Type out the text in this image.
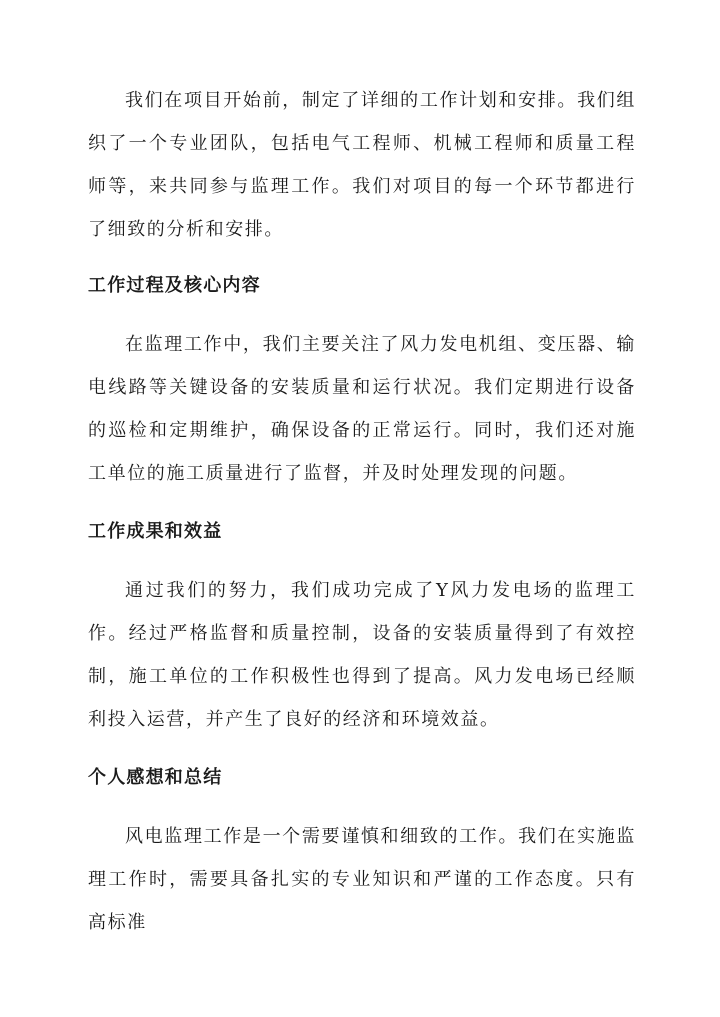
我们在项目开始前，制定了详细的工作计划和安排。我们组织了一个专业团队，包括电气工程师、机械工程师和质量工程师等，来共同参与监理工作。我们对项目的每一个环节都进行了细致的分析和安排。

工作过程及核心内容

在监理工作中，我们主要关注了风力发电机组、变压器、输电线路等关键设备的安装质量和运行状况。我们定期进行设备的巡检和定期维护，确保设备的正常运行。同时，我们还对施工单位的施工质量进行了监督，并及时处理发现的问题。

工作成果和效益

通过我们的努力，我们成功完成了Y风力发电场的监理工作。经过严格监督和质量控制，设备的安装质量得到了有效控制，施工单位的工作积极性也得到了提高。风力发电场已经顺利投入运营，并产生了良好的经济和环境效益。

个人感想和总结

风电监理工作是一个需要谨慎和细致的工作。我们在实施监理工作时，需要具备扎实的专业知识和严谨的工作态度。只有高标准
